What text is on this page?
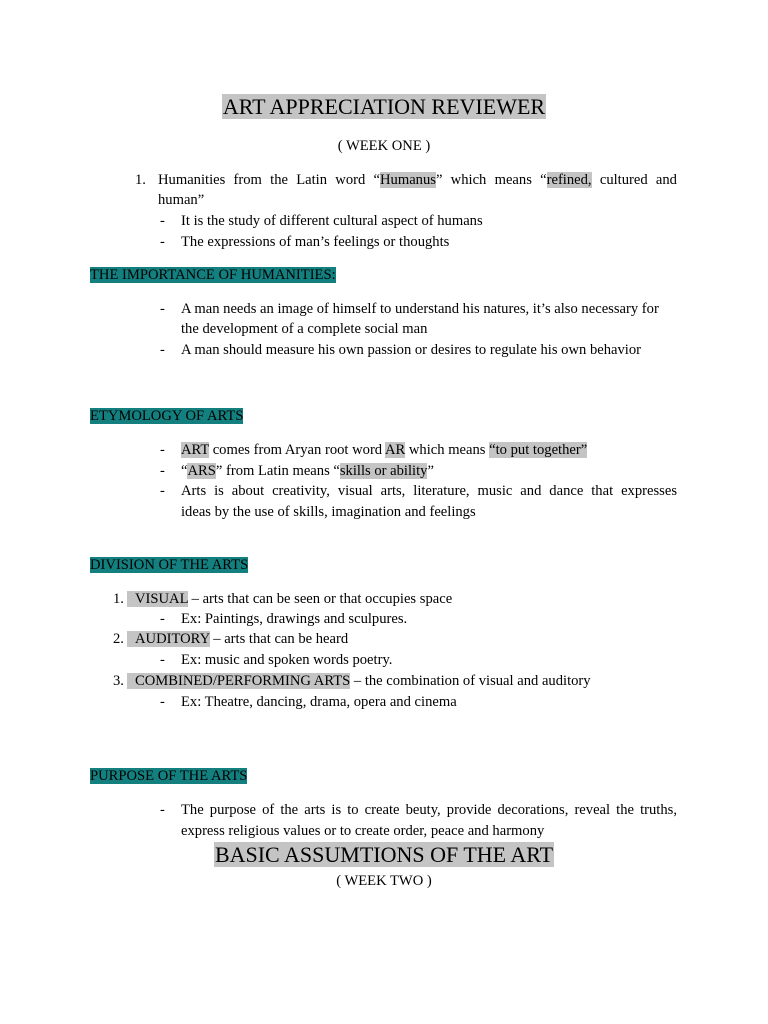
ART APPRECIATION REVIEWER
( WEEK ONE )
1. Humanities from the Latin word “Humanus” which means “refined, cultured and
human”
- It is the study of different cultural aspect of humans
- The expressions of man’s feelings or thoughts
THE IMPORTANCE OF HUMANITIES:
- A man needs an image of himself to understand his natures, it’s also necessary for
the development of a complete social man
- A man should measure his own passion or desires to regulate his own behavior
ETYMOLOGY OF ARTS
- ART comes from Aryan root word AR which means “to put together”
- “ARS” from Latin means “skills or ability”
- Arts is about creativity, visual arts, literature, music and dance that expresses
ideas by the use of skills, imagination and feelings
DIVISION OF THE ARTS
1. VISUAL – arts that can be seen or that occupies space
- Ex: Paintings, drawings and sculpures.
2. AUDITORY – arts that can be heard
- Ex: music and spoken words poetry.
3. COMBINED/PERFORMING ARTS – the combination of visual and auditory
- Ex: Theatre, dancing, drama, opera and cinema
PURPOSE OF THE ARTS
- The purpose of the arts is to create beuty, provide decorations, reveal the truths,
express religious values or to create order, peace and harmony
BASIC ASSUMTIONS OF THE ART
( WEEK TWO )
